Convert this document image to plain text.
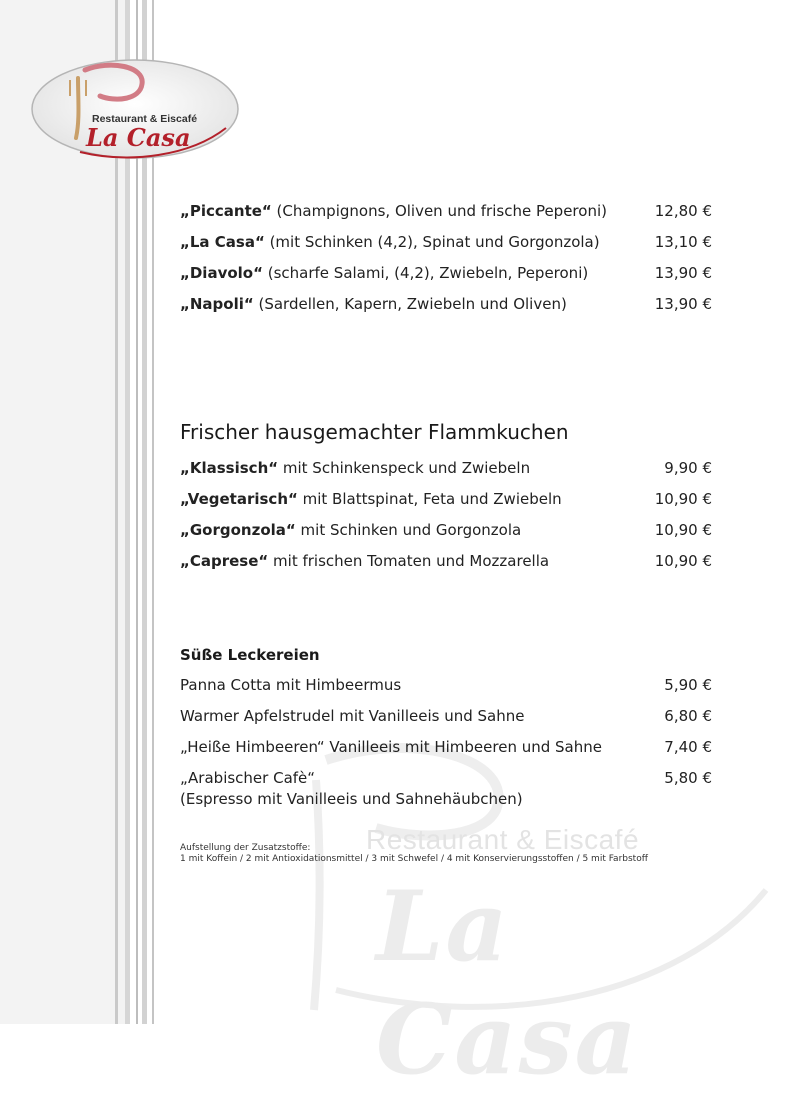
Restaurant & Eiscafé
La Casa
Restaurant & Eiscafé
La Casa
„Piccante“ (Champignons, Oliven und frische Peperoni)	12,80 €
„La Casa“ (mit Schinken (4,2), Spinat und Gorgonzola)	13,10 €
„Diavolo“ (scharfe Salami, (4,2), Zwiebeln, Peperoni)	13,90 €
„Napoli“ (Sardellen, Kapern, Zwiebeln und Oliven)	13,90 €
Frischer hausgemachter Flammkuchen
„Klassisch“ mit Schinkenspeck und Zwiebeln	9,90 €
„Vegetarisch“ mit Blattspinat, Feta und Zwiebeln	10,90 €
„Gorgonzola“ mit Schinken und Gorgonzola	10,90 €
„Caprese“ mit frischen Tomaten und Mozzarella	10,90 €
Süße Leckereien
Panna Cotta mit Himbeermus	5,90 €
Warmer Apfelstrudel mit Vanilleeis und Sahne	6,80 €
„Heiße Himbeeren“ Vanilleeis mit Himbeeren und Sahne	7,40 €
„Arabischer Cafè“	5,80 €
(Espresso mit Vanilleeis und Sahnehäubchen)
Aufstellung der Zusatzstoffe:
1 mit Koffein / 2 mit Antioxidationsmittel / 3 mit Schwefel / 4 mit Konservierungsstoffen / 5 mit Farbstoff
